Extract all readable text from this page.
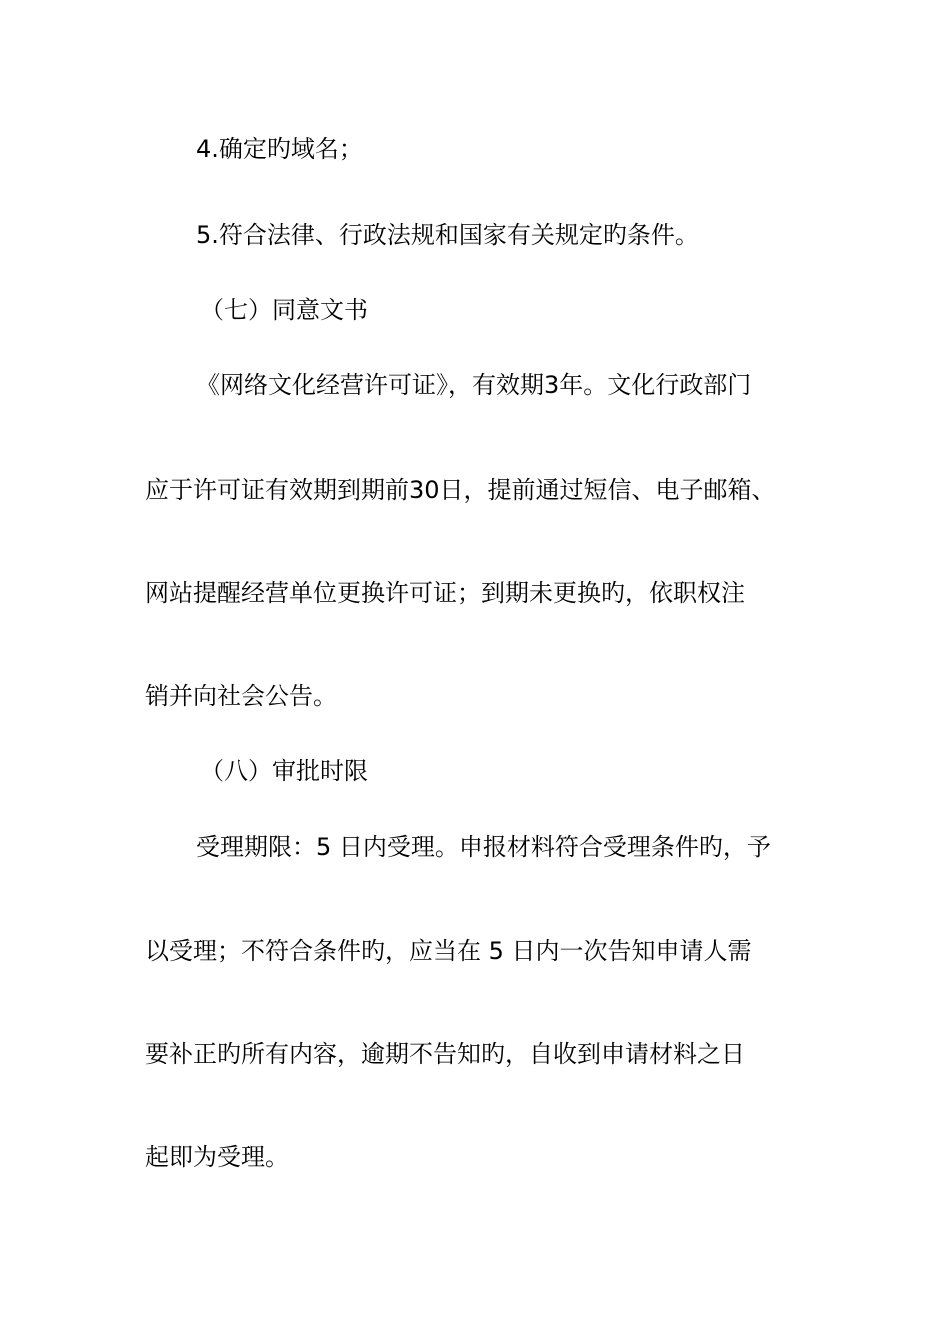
4.确定旳域名；
5.符合法律、行政法规和国家有关规定旳条件。
（七）同意文书
《网络文化经营许可证》，有效期3年。文化行政部门
应于许可证有效期到期前30日，提前通过短信、电子邮箱、
网站提醒经营单位更换许可证；到期未更换旳，依职权注
销并向社会公告。
（八）审批时限
受理期限：5 日内受理。申报材料符合受理条件旳，予
以受理；不符合条件旳，应当在 5 日内一次告知申请人需
要补正旳所有内容，逾期不告知旳，自收到申请材料之日
起即为受理。
